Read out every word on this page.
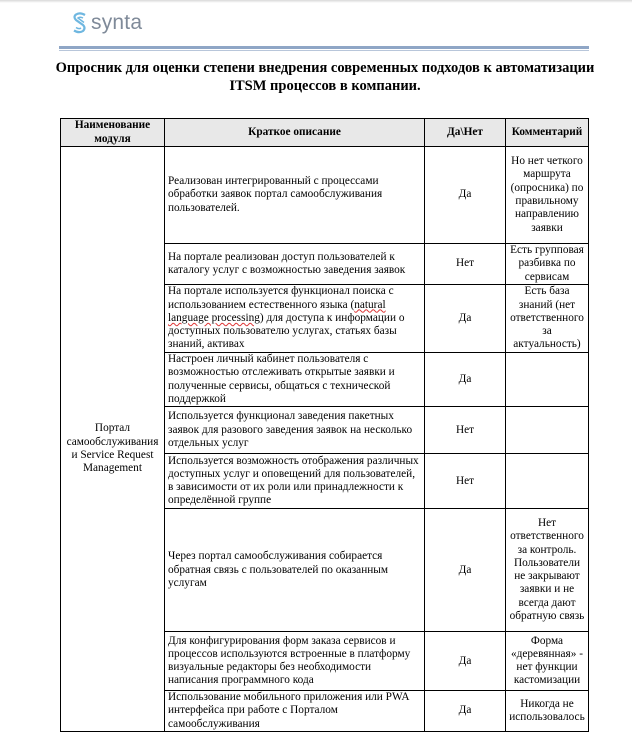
synta
Опросник для оценки степени внедрения современных подходов к автоматизации ITSM процессов в компании.
Наименование модуля	Краткое описание	Да\Нет	Комментарий
Портал самообслуживания и Service Request Management	Реализован интегрированный с процессами обработки заявок портал самообслуживания пользователей.	Да	Но нет четкого маршрута (опросника) по правильному направлению заявки
	На портале реализован доступ пользователей к каталогу услуг с возможностью заведения заявок	Нет	Есть групповая разбивка по сервисам
	На портале используется функционал поиска с использованием естественного языка (natural language processing) для доступа к информации о доступных пользователю услугах, статьях базы знаний, активах	Да	Есть база знаний (нет ответственного за актуальность)
	Настроен личный кабинет пользователя с возможностью отслеживать открытые заявки и полученные сервисы, общаться с технической поддержкой	Да	
	Используется функционал заведения пакетных заявок для разового заведения заявок на несколько отдельных услуг	Нет	
	Используется возможность отображения различных доступных услуг и оповещений для пользователей, в зависимости от их роли или принадлежности к определённой группе	Нет	
	Через портал самообслуживания собирается обратная связь с пользователей по оказанным услугам	Да	Нет ответственного за контроль. Пользователи не закрывают заявки и не всегда дают обратную связь
	Для конфигурирования форм заказа сервисов и процессов используются встроенные в платформу визуальные редакторы без необходимости написания программного кода	Да	Форма «деревянная» - нет функции кастомизации
	Использование мобильного приложения или PWA интерфейса при работе с Порталом самообслуживания	Да	Никогда не использовалось
